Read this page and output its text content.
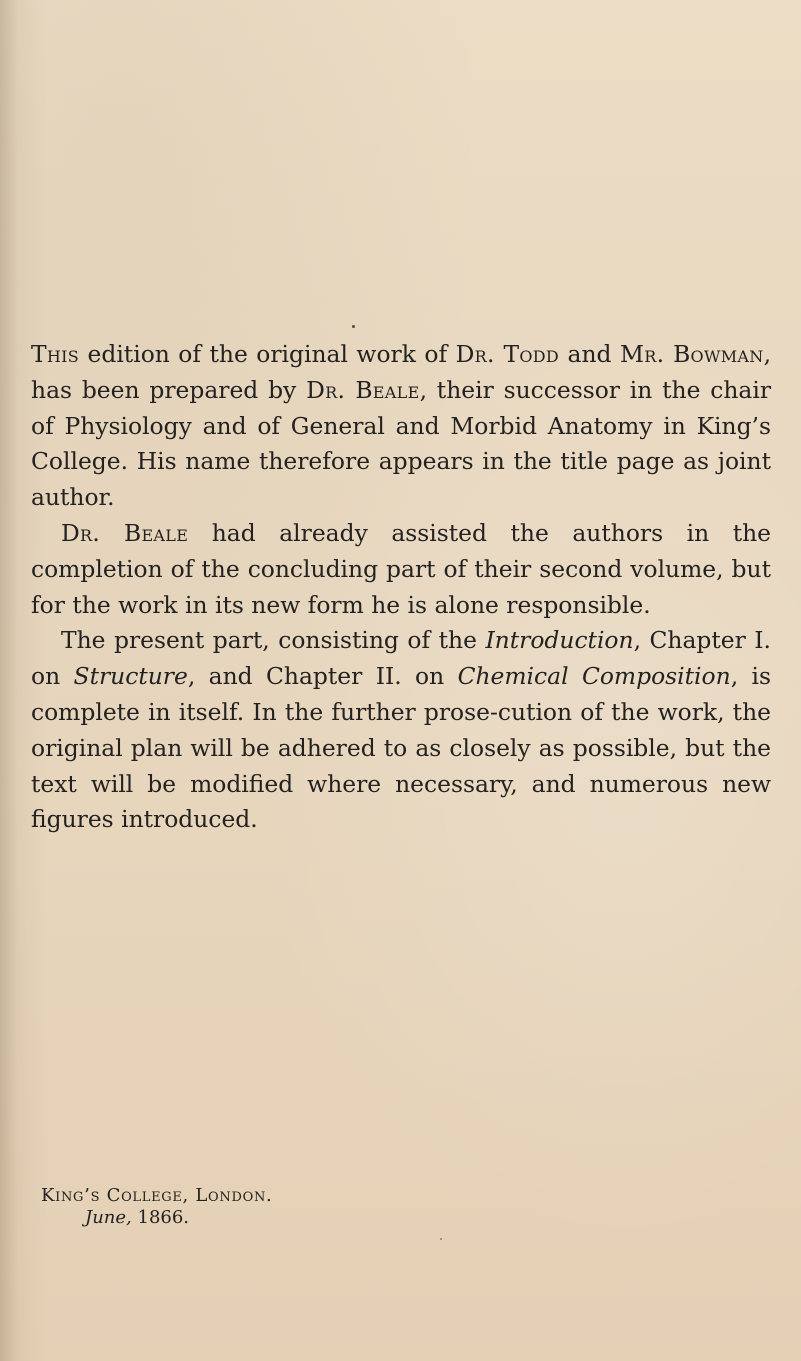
This edition of the original work of Dr. Todd and Mr. Bowman, has been prepared by Dr. Beale, their successor in the chair of Physiology and of General and Morbid Anatomy in King’s College. His name therefore appears in the title page as joint author.

Dr. Beale had already assisted the authors in the completion of the concluding part of their second volume, but for the work in its new form he is alone responsible.

The present part, consisting of the Introduction, Chapter I. on Structure, and Chapter II. on Chemical Composition, is complete in itself. In the further prose-cution of the work, the original plan will be adhered to as closely as possible, but the text will be modified where necessary, and numerous new figures introduced.

King’s College, London.
June, 1866.
